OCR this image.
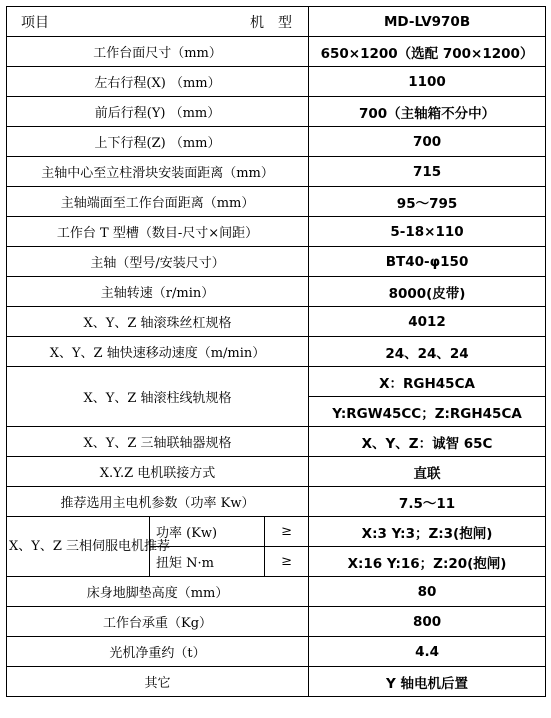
项目 机　型			MD-LV970B
工作台面尺寸（mm）			650×1200（选配 700×1200）
左右行程(X) （mm）			1100
前后行程(Y) （mm）			700（主轴箱不分中）
上下行程(Z) （mm）			700
主轴中心至立柱滑块安装面距离（mm）			715
主轴端面至工作台面距离（mm）			95～795
工作台 T 型槽（数目-尺寸×间距）			5-18×110
主轴（型号/安装尺寸）			BT40-φ150
主轴转速（r/min）			8000(皮带)
X、Y、Z 轴滚珠丝杠规格			4012
X、Y、Z 轴快速移动速度（m/min）			24、24、24
X、Y、Z 轴滚柱线轨规格			X：RGH45CA
			Y:RGW45CC；Z:RGH45CA
X、Y、Z 三轴联轴器规格			X、Y、Z：诚智 65C
X.Y.Z 电机联接方式			直联
推荐选用主电机参数（功率 Kw）			7.5～11
X、Y、Z 三相伺服电机推荐	功率 (Kw)	≥	X:3 Y:3；Z:3(抱闸)
	扭矩 N·m	≥	X:16 Y:16；Z:20(抱闸)
床身地脚垫高度（mm）			80
工作台承重（Kg）			800
光机净重约（t）			4.4
其它			Y 轴电机后置
